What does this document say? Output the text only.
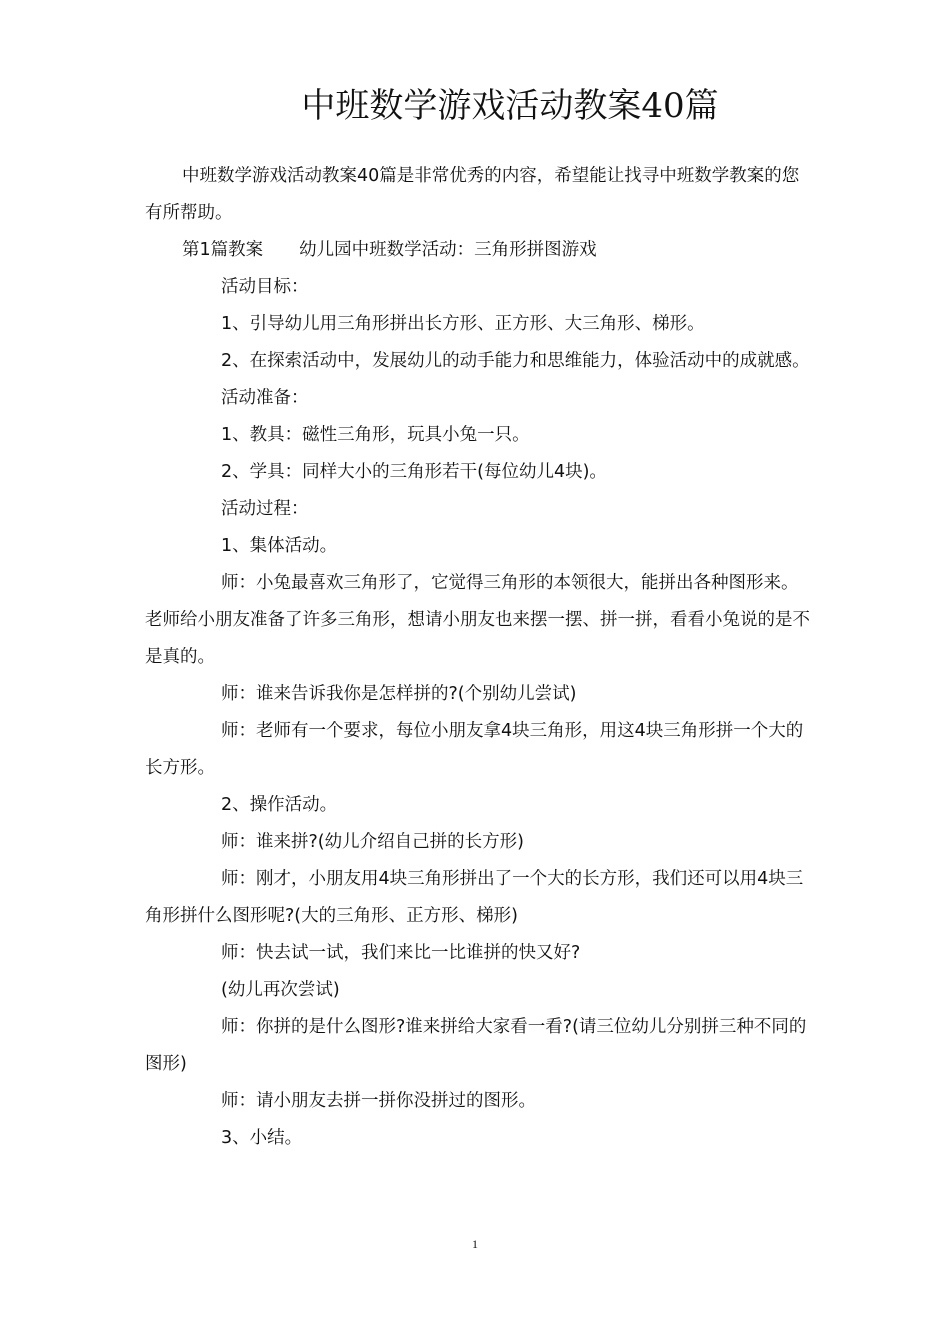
中班数学游戏活动教案40篇

中班数学游戏活动教案40篇是非常优秀的内容，希望能让找寻中班数学教案的您有所帮助。

第1篇教案 幼儿园中班数学活动：三角形拼图游戏

活动目标：

1、引导幼儿用三角形拼出长方形、正方形、大三角形、梯形。

2、在探索活动中，发展幼儿的动手能力和思维能力，体验活动中的成就感。

活动准备：

1、教具：磁性三角形，玩具小兔一只。

2、学具：同样大小的三角形若干(每位幼儿4块)。

活动过程：

1、集体活动。

师：小兔最喜欢三角形了，它觉得三角形的本领很大，能拼出各种图形来。老师给小朋友准备了许多三角形，想请小朋友也来摆一摆、拼一拼，看看小兔说的是不是真的。

师：谁来告诉我你是怎样拼的?(个别幼儿尝试)

师：老师有一个要求，每位小朋友拿4块三角形，用这4块三角形拼一个大的长方形。

2、操作活动。

师：谁来拼?(幼儿介绍自己拼的长方形)

师：刚才，小朋友用4块三角形拼出了一个大的长方形，我们还可以用4块三角形拼什么图形呢?(大的三角形、正方形、梯形)

师：快去试一试，我们来比一比谁拼的快又好?

(幼儿再次尝试)

师：你拼的是什么图形?谁来拼给大家看一看?(请三位幼儿分别拼三种不同的图形)

师：请小朋友去拼一拼你没拼过的图形。

3、小结。

1
